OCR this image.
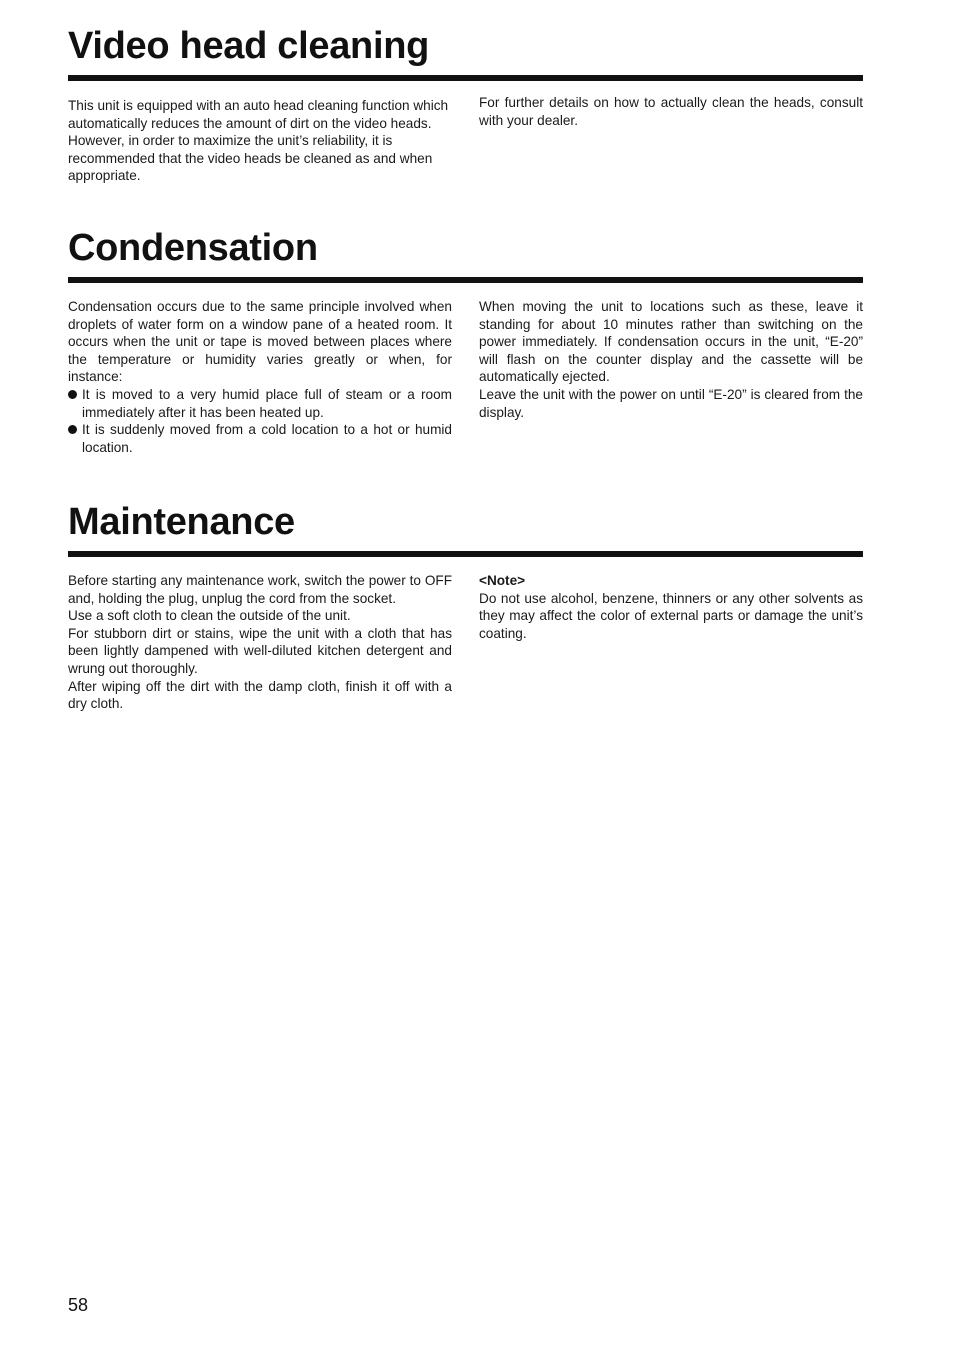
Video head cleaning

This unit is equipped with an auto head cleaning function which automatically reduces the amount of dirt on the video heads. However, in order to maximize the unit’s reliability, it is recommended that the video heads be cleaned as and when appropriate.

For further details on how to actually clean the heads, consult with your dealer.

Condensation

Condensation occurs due to the same principle involved when droplets of water form on a window pane of a heated room. It occurs when the unit or tape is moved between places where the temperature or humidity varies greatly or when, for instance:

It is moved to a very humid place full of steam or a room immediately after it has been heated up.
It is suddenly moved from a cold location to a hot or humid location.

When moving the unit to locations such as these, leave it standing for about 10 minutes rather than switching on the power immediately. If condensation occurs in the unit, “E-20” will flash on the counter display and the cassette will be automatically ejected.

Leave the unit with the power on until “E-20” is cleared from the display.

Maintenance

Before starting any maintenance work, switch the power to OFF and, holding the plug, unplug the cord from the socket.

Use a soft cloth to clean the outside of the unit.

For stubborn dirt or stains, wipe the unit with a cloth that has been lightly dampened with well-diluted kitchen detergent and wrung out thoroughly.

After wiping off the dirt with the damp cloth, finish it off with a dry cloth.

<Note>

Do not use alcohol, benzene, thinners or any other solvents as they may affect the color of external parts or damage the unit’s coating.

58
